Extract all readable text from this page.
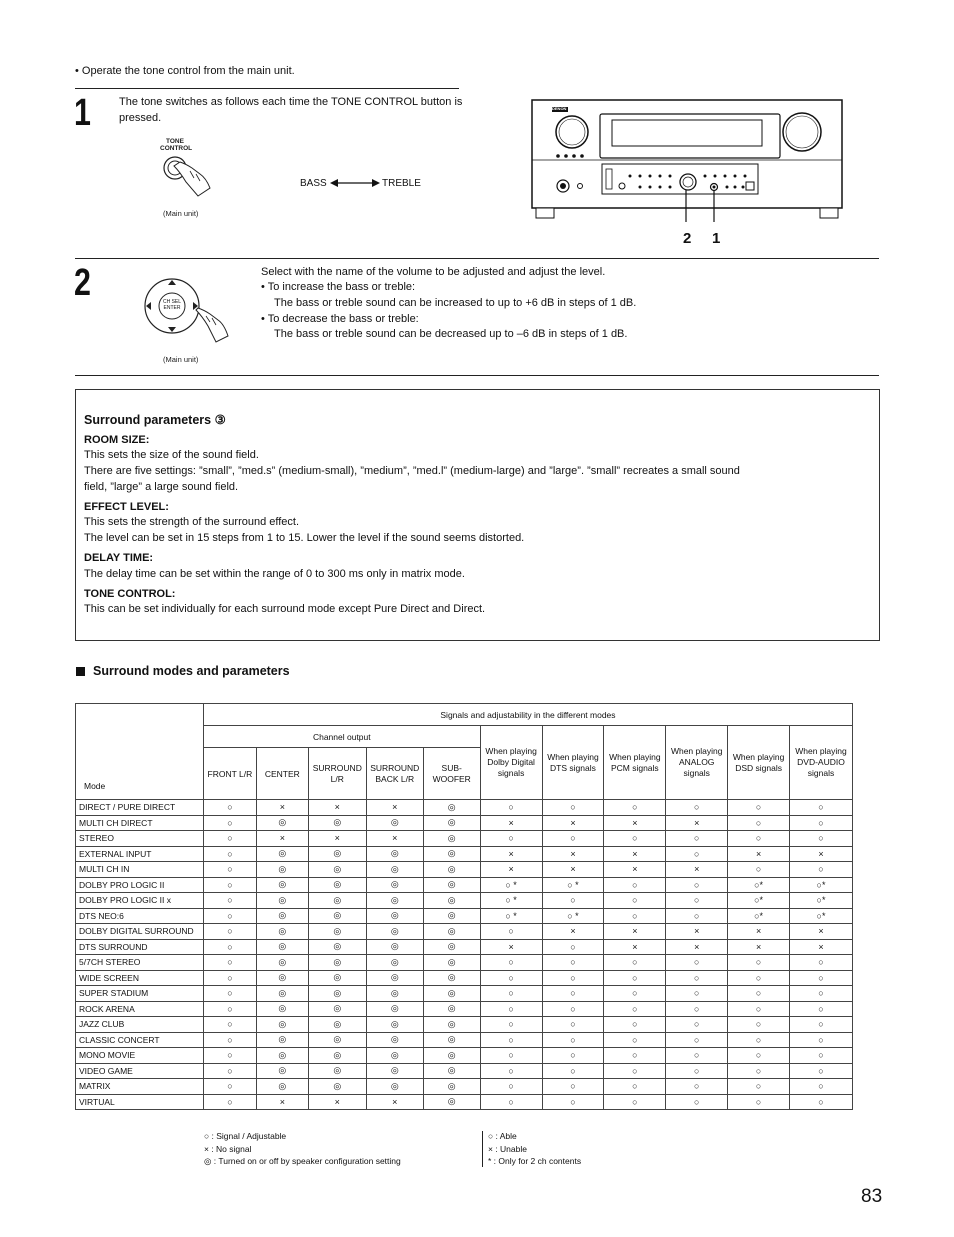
• Operate the tone control from the main unit.
1	The tone switches as follows each time the TONE CONTROL button is pressed.
TONE CONTROL
(Main unit)
BASS	TREBLE
DENON
2 1
2	CH SEL ENTER
(Main unit)
Select with the name of the volume to be adjusted and adjust the level.
• To increase the bass or treble:
The bass or treble sound can be increased to up to +6 dB in steps of 1 dB.
• To decrease the bass or treble:
The bass or treble sound can be decreased up to –6 dB in steps of 1 dB.
Surround parameters ③
ROOM SIZE:
This sets the size of the sound field.
There are five settings: ”small”, ”med.s” (medium-small), ”medium”, ”med.l” (medium-large) and ”large”. ”small” recreates a small sound
field, ”large” a large sound field.
EFFECT LEVEL:
This sets the strength of the surround effect.
The level can be set in 15 steps from 1 to 15. Lower the level if the sound seems distorted.
DELAY TIME:
The delay time can be set within the range of 0 to 300 ms only in matrix mode.
TONE CONTROL:
This can be set individually for each surround mode except Pure Direct and Direct.
Surround modes and parameters
Mode	Signals and adjustability in the different modes										
	Channel output					When playing Dolby Digital signals	When playing DTS signals	When playing PCM signals	When playing ANALOG signals	When playing DSD signals	When playing DVD-AUDIO signals
	FRONT L/R	CENTER	SURROUND L/R	SURROUND BACK L/R	SUB-WOOFER						
DIRECT / PURE DIRECT	○	×	×	×	◎	○	○	○	○	○	○
MULTI CH DIRECT	○	◎	◎	◎	◎	×	×	×	×	○	○
STEREO	○	×	×	×	◎	○	○	○	○	○	○
EXTERNAL INPUT	○	◎	◎	◎	◎	×	×	×	○	×	×
MULTI CH IN	○	◎	◎	◎	◎	×	×	×	×	○	○
DOLBY PRO LOGIC II	○	◎	◎	◎	◎	○ *	○ *	○	○	○*	○*
DOLBY PRO LOGIC II x	○	◎	◎	◎	◎	○ *	○	○	○	○*	○*
DTS NEO:6	○	◎	◎	◎	◎	○ *	○ *	○	○	○*	○*
DOLBY DIGITAL SURROUND	○	◎	◎	◎	◎	○	×	×	×	×	×
DTS SURROUND	○	◎	◎	◎	◎	×	○	×	×	×	×
5/7CH STEREO	○	◎	◎	◎	◎	○	○	○	○	○	○
WIDE SCREEN	○	◎	◎	◎	◎	○	○	○	○	○	○
SUPER STADIUM	○	◎	◎	◎	◎	○	○	○	○	○	○
ROCK ARENA	○	◎	◎	◎	◎	○	○	○	○	○	○
JAZZ CLUB	○	◎	◎	◎	◎	○	○	○	○	○	○
CLASSIC CONCERT	○	◎	◎	◎	◎	○	○	○	○	○	○
MONO MOVIE	○	◎	◎	◎	◎	○	○	○	○	○	○
VIDEO GAME	○	◎	◎	◎	◎	○	○	○	○	○	○
MATRIX	○	◎	◎	◎	◎	○	○	○	○	○	○
VIRTUAL	○	×	×	×	◎	○	○	○	○	○	○
○ : Signal / Adjustable
× : No signal
◎ : Turned on or off by speaker configuration setting
○ : Able
× : Unable
* : Only for 2 ch contents
83
